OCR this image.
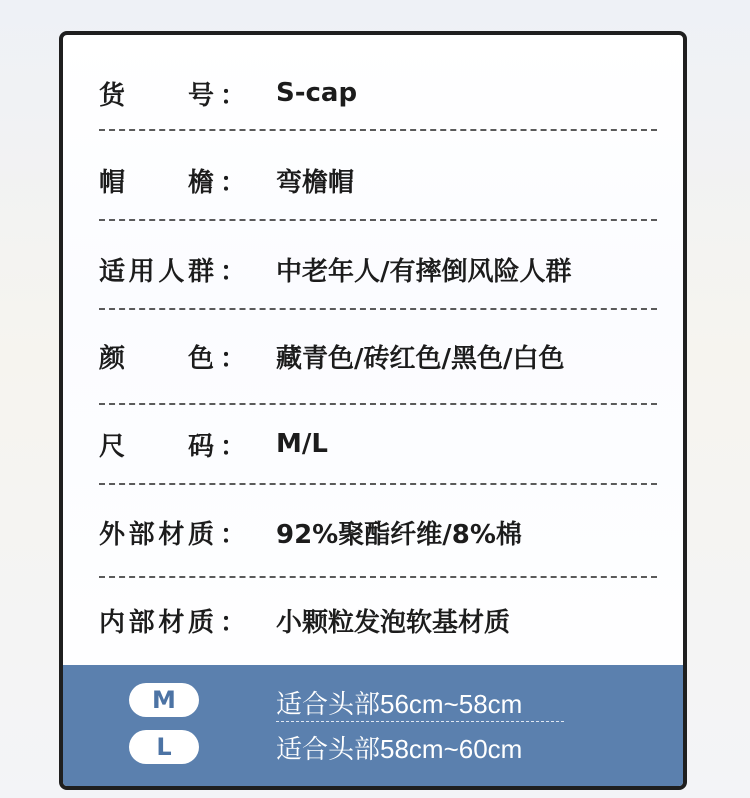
货 号 ： S-cap
帽 檐 ： 弯檐帽
适 用 人 群 ： 中老年人/有摔倒风险人群
颜 色 ： 藏青色/砖红色/黑色/白色
尺 码 ： M/L
外 部 材 质 ： 92%聚酯纤维/8%棉
内 部 材 质 ： 小颗粒发泡软基材质
M	适合头部56cm~58cm
L	适合头部58cm~60cm
